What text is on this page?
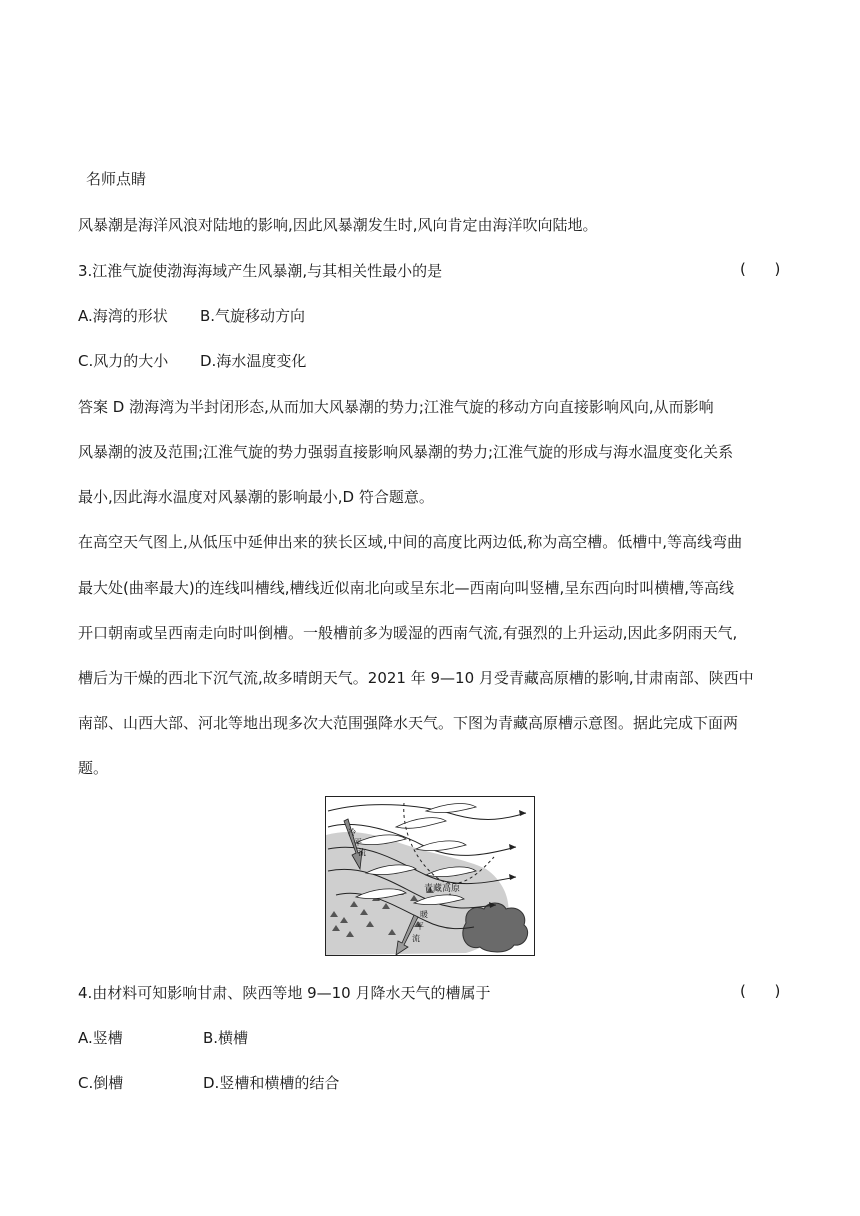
名师点睛
风暴潮是海洋风浪对陆地的影响,因此风暴潮发生时,风向肯定由海洋吹向陆地。
3.江淮气旋使渤海海域产生风暴潮,与其相关性最小的是	(      )
A.海湾的形状 B.气旋移动方向
C.风力的大小 D.海水温度变化
答案 D 渤海湾为半封闭形态,从而加大风暴潮的势力;江淮气旋的移动方向直接影响风向,从而影响
风暴潮的波及范围;江淮气旋的势力强弱直接影响风暴潮的势力;江淮气旋的形成与海水温度变化关系
最小,因此海水温度对风暴潮的影响最小,D 符合题意。
在高空天气图上,从低压中延伸出来的狭长区域,中间的高度比两边低,称为高空槽。低槽中,等高线弯曲
最大处(曲率最大)的连线叫槽线,槽线近似南北向或呈东北—西南向叫竖槽,呈东西向时叫横槽,等高线
开口朝南或呈西南走向时叫倒槽。一般槽前多为暖湿的西南气流,有强烈的上升运动,因此多阴雨天气,
槽后为干燥的西北下沉气流,故多晴朗天气。2021 年 9—10 月受青藏高原槽的影响,甘肃南部、陕西中
南部、山西大部、河北等地出现多次大范围强降水天气。下图为青藏高原槽示意图。据此完成下面两
题。
冷
平
流
青藏高原
暖
平
流
4.由材料可知影响甘肃、陕西等地 9—10 月降水天气的槽属于	(      )
A.竖槽	B.横槽
C.倒槽	D.竖槽和横槽的结合
